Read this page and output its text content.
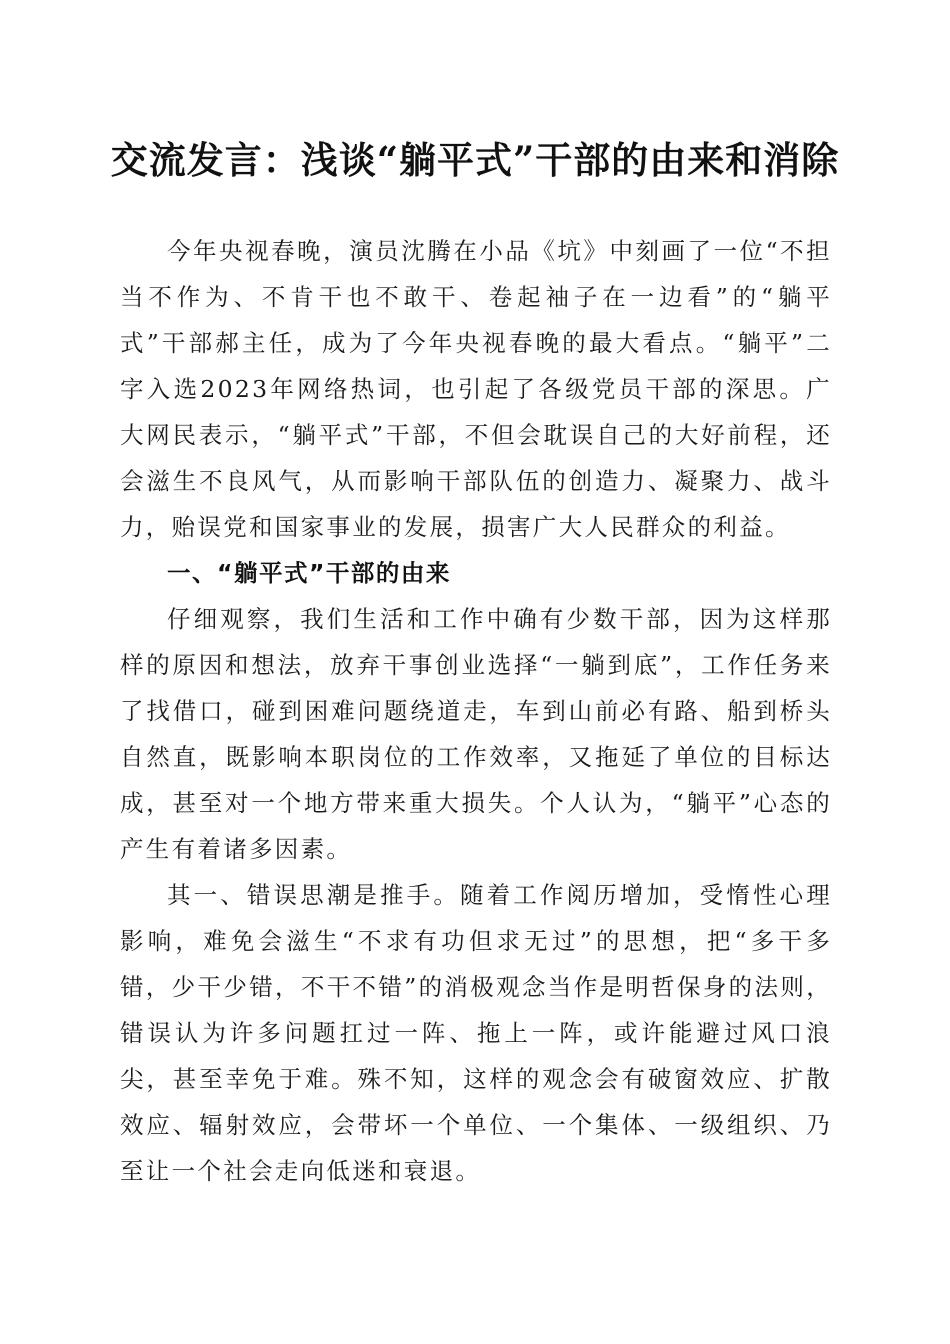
交流发言：浅谈“躺平式”干部的由来和消除

今年央视春晚，演员沈腾在小品《坑》中刻画了一位“不担当不作为、不肯干也不敢干、卷起袖子在一边看”的“躺平式”干部郝主任，成为了今年央视春晚的最大看点。“躺平”二字入选2023年网络热词，也引起了各级党员干部的深思。广大网民表示，“躺平式”干部，不但会耽误自己的大好前程，还会滋生不良风气，从而影响干部队伍的创造力、凝聚力、战斗力，贻误党和国家事业的发展，损害广大人民群众的利益。

一、“躺平式”干部的由来

仔细观察，我们生活和工作中确有少数干部，因为这样那样的原因和想法，放弃干事创业选择“一躺到底”，工作任务来了找借口，碰到困难问题绕道走，车到山前必有路、船到桥头自然直，既影响本职岗位的工作效率，又拖延了单位的目标达成，甚至对一个地方带来重大损失。个人认为，“躺平”心态的产生有着诸多因素。

其一、错误思潮是推手。随着工作阅历增加，受惰性心理影响，难免会滋生“不求有功但求无过”的思想，把“多干多错，少干少错，不干不错”的消极观念当作是明哲保身的法则，错误认为许多问题扛过一阵、拖上一阵，或许能避过风口浪尖，甚至幸免于难。殊不知，这样的观念会有破窗效应、扩散效应、辐射效应，会带坏一个单位、一个集体、一级组织、乃至让一个社会走向低迷和衰退。
